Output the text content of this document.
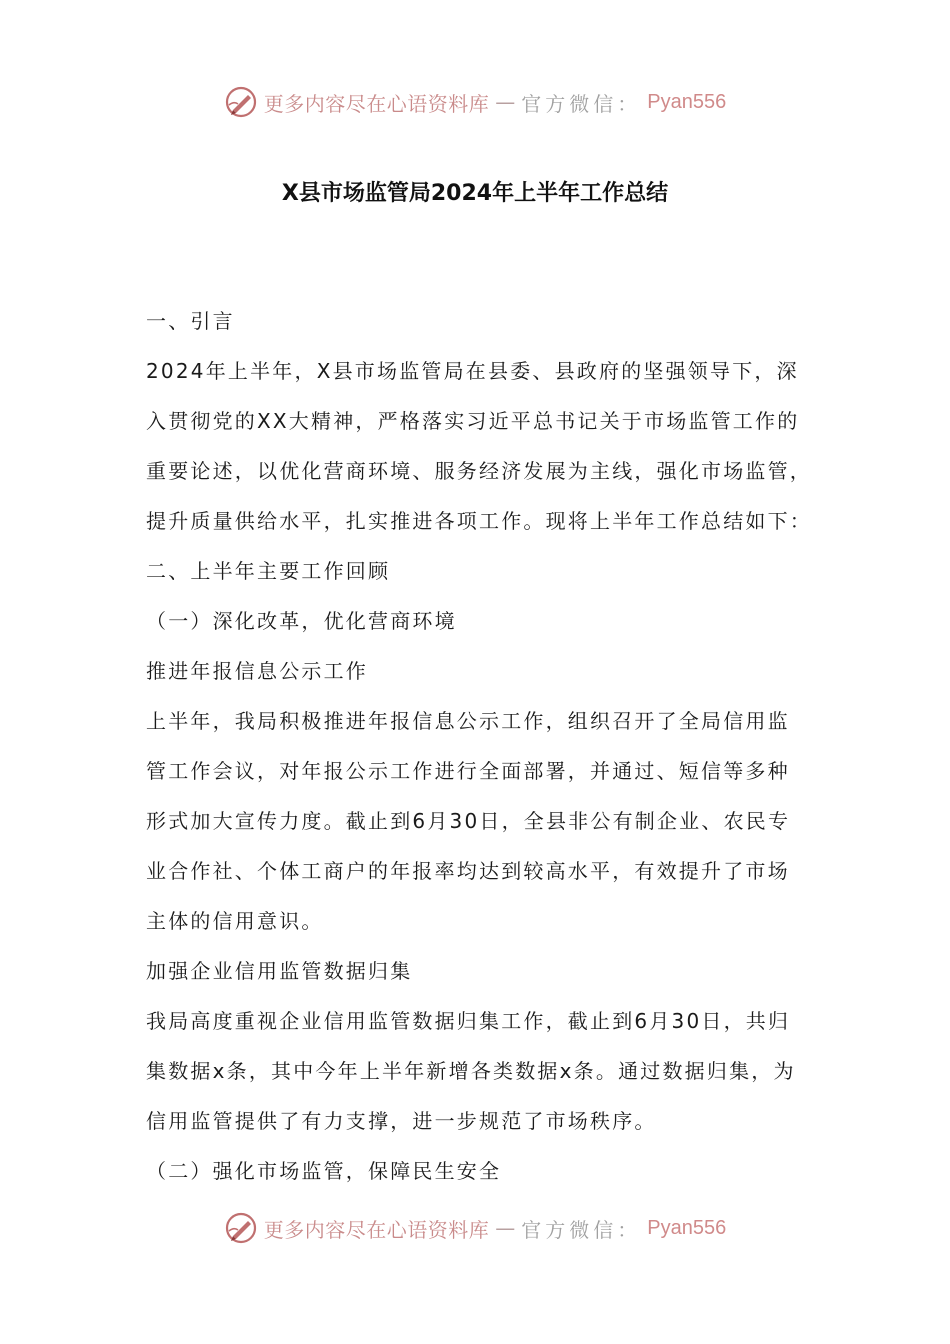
更多内容尽在心语资料库 — 官方微信： Pyan556
X县市场监管局2024年上半年工作总结

一、引言

2024年上半年，X县市场监管局在县委、县政府的坚强领导下，深

入贯彻党的XX大精神，严格落实习近平总书记关于市场监管工作的

重要论述，以优化营商环境、服务经济发展为主线，强化市场监管，

提升质量供给水平，扎实推进各项工作。现将上半年工作总结如下：

二、上半年主要工作回顾

（一）深化改革，优化营商环境

推进年报信息公示工作

上半年，我局积极推进年报信息公示工作，组织召开了全局信用监

管工作会议，对年报公示工作进行全面部署，并通过、短信等多种

形式加大宣传力度。截止到6月30日，全县非公有制企业、农民专

业合作社、个体工商户的年报率均达到较高水平，有效提升了市场

主体的信用意识。

加强企业信用监管数据归集

我局高度重视企业信用监管数据归集工作，截止到6月30日，共归

集数据x条，其中今年上半年新增各类数据x条。通过数据归集，为

信用监管提供了有力支撑，进一步规范了市场秩序。

（二）强化市场监管，保障民生安全

更多内容尽在心语资料库 — 官方微信： Pyan556
